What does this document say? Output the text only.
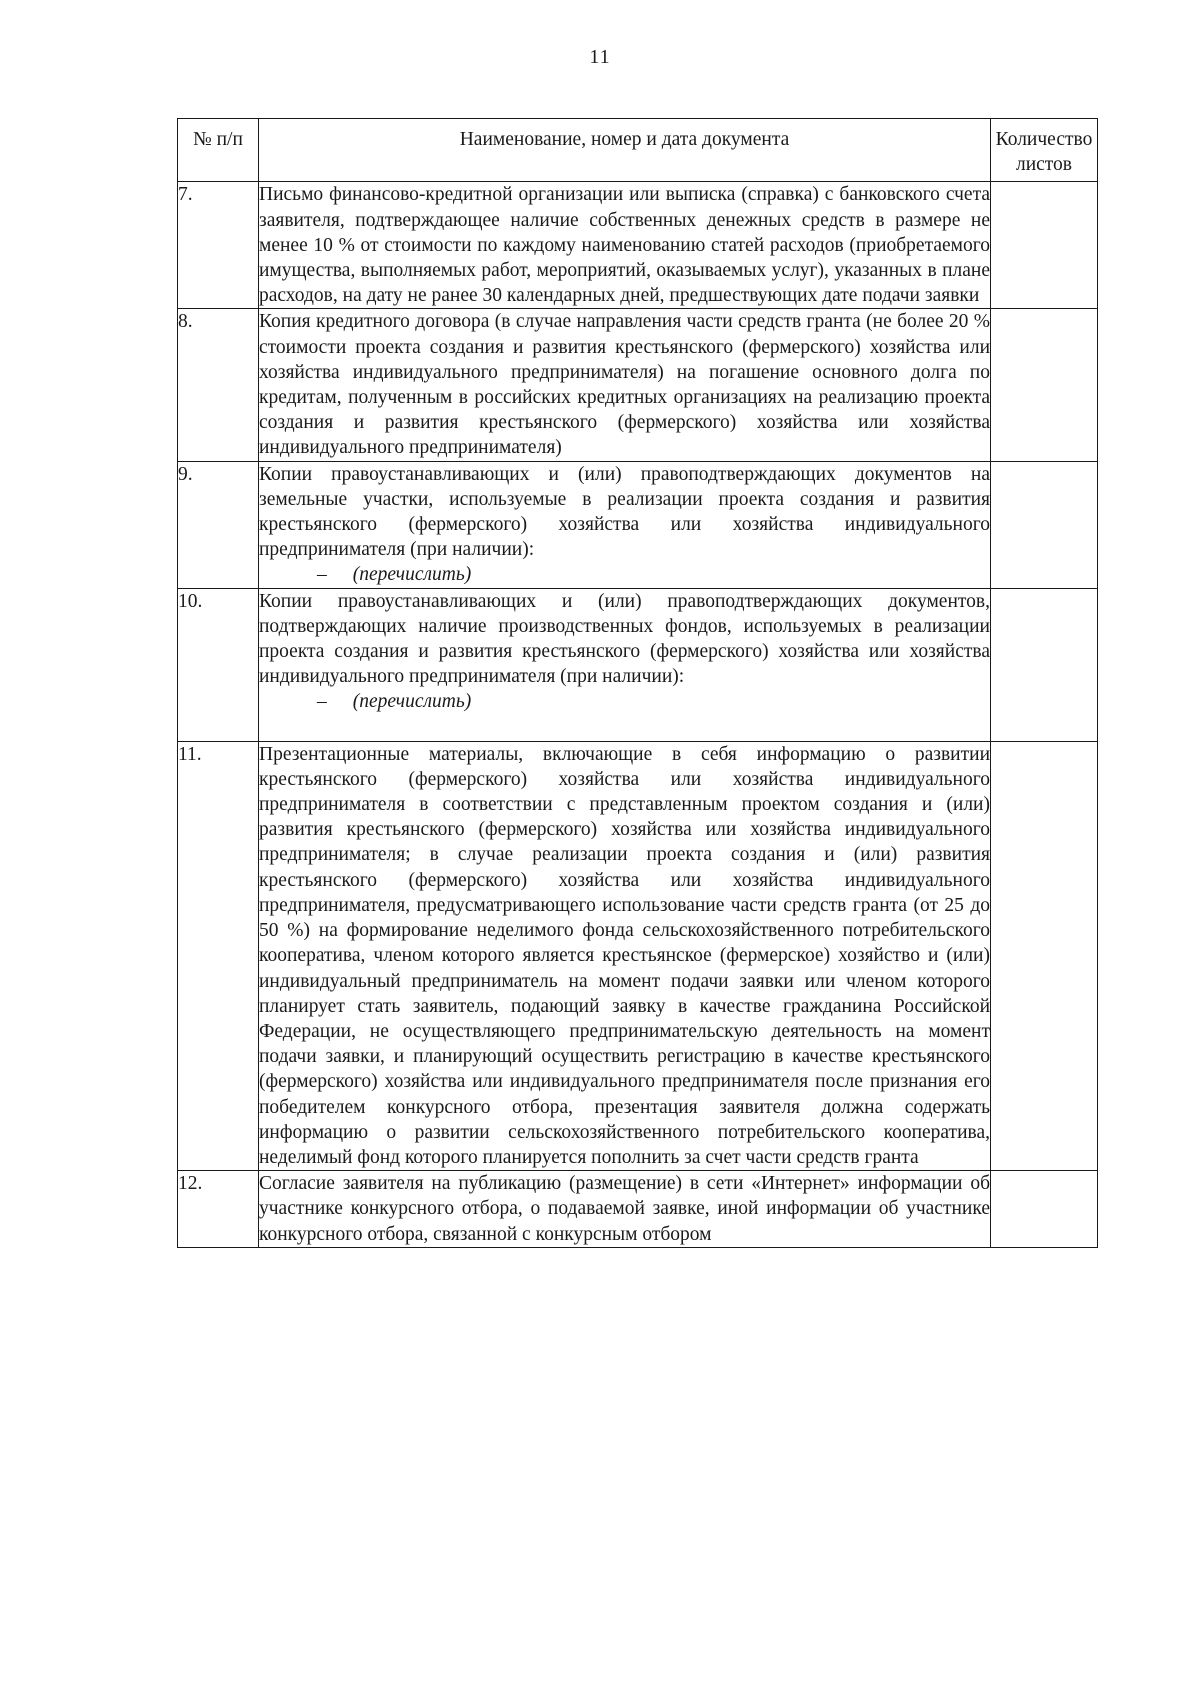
11
№ п/п	Наименование, номер и дата документа	Количество листов
7.	Письмо финансово-кредитной организации или выписка (справка) с банковского счета заявителя, подтверждающее наличие собственных денежных средств в размере не менее 10 % от стоимости по каждому наименованию статей расходов (приобретаемого имущества, выполняемых работ, мероприятий, оказываемых услуг), указанных в плане расходов, на дату не ранее 30 календарных дней, предшествующих дате подачи заявки	
8.	Копия кредитного договора (в случае направления части средств гранта (не более 20 % стоимости проекта создания и развития крестьянского (фермерского) хозяйства или хозяйства индивидуального предпринимателя) на погашение основного долга по кредитам, полученным в российских кредитных организациях на реализацию проекта создания и развития крестьянского (фермерского) хозяйства или хозяйства индивидуального предпринимателя)	
9.	Копии правоустанавливающих и (или) правоподтверждающих документов на земельные участки, используемые в реализации проекта создания и развития крестьянского (фермерского) хозяйства или хозяйства индивидуального предпринимателя (при наличии):
– (перечислить)	

10.	Копии правоустанавливающих и (или) правоподтверждающих документов, подтверждающих наличие производственных фондов, используемых в реализации проекта создания и развития крестьянского (фермерского) хозяйства или хозяйства индивидуального предпринимателя (при наличии):
– (перечислить)	

11.	Презентационные материалы, включающие в себя информацию о развитии крестьянского (фермерского) хозяйства или хозяйства индивидуального предпринимателя в соответствии с представленным проектом создания и (или) развития крестьянского (фермерского) хозяйства или хозяйства индивидуального предпринимателя; в случае реализации проекта создания и (или) развития крестьянского (фермерского) хозяйства или хозяйства индивидуального предпринимателя, предусматривающего использование части средств гранта (от 25 до 50 %) на формирование неделимого фонда сельскохозяйственного потребительского кооператива, членом которого является крестьянское (фермерское) хозяйство и (или) индивидуальный предприниматель на момент подачи заявки или членом которого планирует стать заявитель, подающий заявку в качестве гражданина Российской Федерации, не осуществляющего предпринимательскую деятельность на момент подачи заявки, и планирующий осуществить регистрацию в качестве крестьянского (фермерского) хозяйства или индивидуального предпринимателя после признания его победителем конкурсного отбора, презентация заявителя должна содержать информацию о развитии сельскохозяйственного потребительского кооператива, неделимый фонд которого планируется пополнить за счет части средств гранта	
12.	Согласие заявителя на публикацию (размещение) в сети «Интернет» информации об участнике конкурсного отбора, о подаваемой заявке, иной информации об участнике конкурсного отбора, связанной с конкурсным отбором	
